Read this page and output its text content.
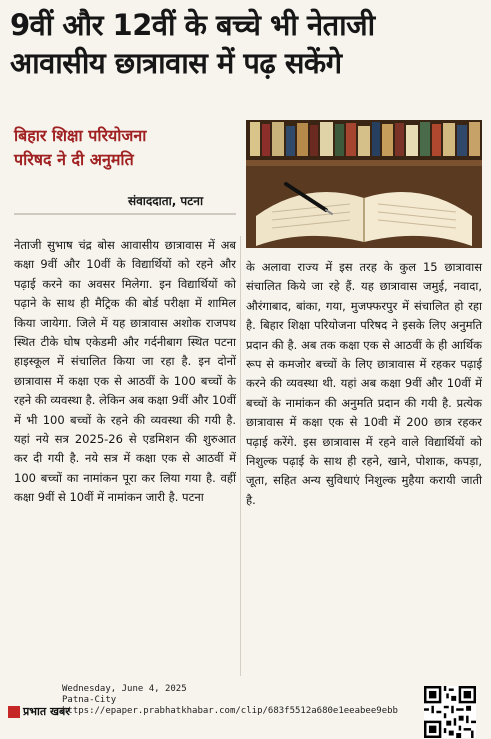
9वीं और 12वीं के बच्चे भी नेताजी
आवासीय छात्रावास में पढ़ सकेंगे
बिहार शिक्षा परियोजना
परिषद ने दी अनुमति
संवाददाता, पटना
नेताजी सुभाष चंद्र बोस आवासीय छात्रावास में अब कक्षा 9वीं और 10वीं के विद्यार्थियों को रहने और पढ़ाई करने का अवसर मिलेगा. इन विद्यार्थियों को पढ़ाने के साथ ही मैट्रिक की बोर्ड परीक्षा में शामिल किया जायेगा. जिले में यह छात्रावास अशोक राजपथ स्थित टीके घोष एकेडमी और गर्दनीबाग स्थित पटना हाइस्कूल में संचालित किया जा रहा है. इन दोनों छात्रावास में कक्षा एक से आठवीं के 100 बच्चों के रहने की व्यवस्था है. लेकिन अब कक्षा 9वीं और 10वीं में भी 100 बच्चों के रहने की व्यवस्था की गयी है. यहां नये सत्र 2025-26 से एडमिशन की शुरुआत कर दी गयी है. नये सत्र में कक्षा एक से आठवीं में 100 बच्चों का नामांकन पूरा कर लिया गया है. वहीं कक्षा 9वीं से 10वीं में नामांकन जारी है. पटना
के अलावा राज्य में इस तरह के कुल 15 छात्रावास संचालित किये जा रहे हैं. यह छात्रावास जमुई, नवादा, औरंगाबाद, बांका, गया, मुजफ्फरपुर में संचालित हो रहा है. बिहार शिक्षा परियोजना परिषद ने इसके लिए अनुमति प्रदान की है. अब तक कक्षा एक से आठवीं के ही आर्थिक रूप से कमजोर बच्चों के लिए छात्रावास में रहकर पढ़ाई करने की व्यवस्था थी. यहां अब कक्षा 9वीं और 10वीं में बच्चों के नामांकन की अनुमति प्रदान की गयी है. प्रत्येक छात्रावास में कक्षा एक से 10वी में 200 छात्र रहकर पढ़ाई करेंगे. इस छात्रावास में रहने वाले विद्यार्थियों को निशुल्क पढ़ाई के साथ ही रहने, खाने, पोशाक, कपड़ा, जूता, सहित अन्य सुविधाएं निशुल्क मुहैया करायी जाती है.
प्रभात खबर
Wednesday, June 4, 2025
Patna-City
https://epaper.prabhatkhabar.com/clip/683f5512a680e1eeabee9ebb
